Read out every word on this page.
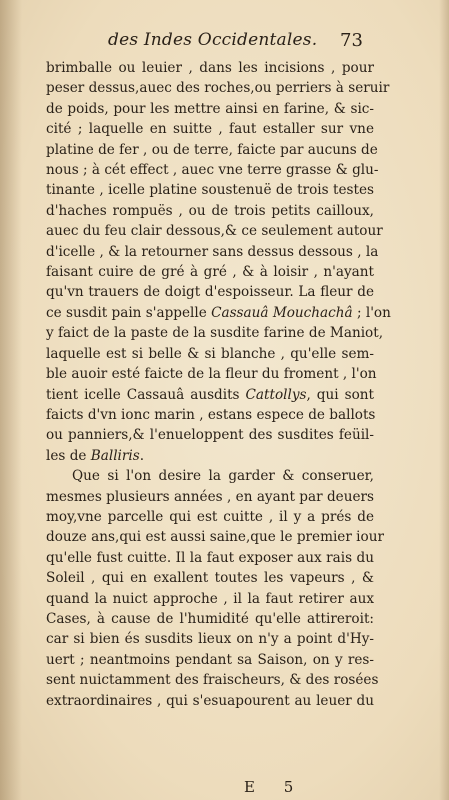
des Indes Occidentales.	73
brimballe ou leuier , dans les incisions , pour
peser dessus,auec des roches,ou perriers à seruir
de poids, pour les mettre ainsi en farine, & sic-
cité ; laquelle en suitte , faut estaller sur vne
platine de fer , ou de terre, faicte par aucuns de
nous ; à cét effect , auec vne terre grasse & glu-
tinante , icelle platine soustenuë de trois testes
d'haches rompuës , ou de trois petits cailloux,
auec du feu clair dessous,& ce seulement autour
d'icelle , & la retourner sans dessus dessous , la
faisant cuire de gré à gré , & à loisir , n'ayant
qu'vn trauers de doigt d'espoisseur. La fleur de
ce susdit pain s'appelle Cassauâ Mouchachâ ; l'on
y faict de la paste de la susdite farine de Maniot,
laquelle est si belle & si blanche , qu'elle sem-
ble auoir esté faicte de la fleur du froment , l'on
tient icelle Cassauâ ausdits Cattollys, qui sont
faicts d'vn ionc marin , estans espece de ballots
ou panniers,& l'enueloppent des susdites feüil-
les de Balliris.
Que si l'on desire la garder & conseruer,
mesmes plusieurs années , en ayant par deuers
moy,vne parcelle qui est cuitte , il y a prés de
douze ans,qui est aussi saine,que le premier iour
qu'elle fust cuitte. Il la faut exposer aux rais du
Soleil , qui en exallent toutes les vapeurs , &
quand la nuict approche , il la faut retirer aux
Cases, à cause de l'humidité qu'elle attireroit:
car si bien és susdits lieux on n'y a point d'Hy-
uert ; neantmoins pendant sa Saison, on y res-
sent nuictamment des fraischeurs, & des rosées
extraordinaires , qui s'esuapourent au leuer du
E 5
